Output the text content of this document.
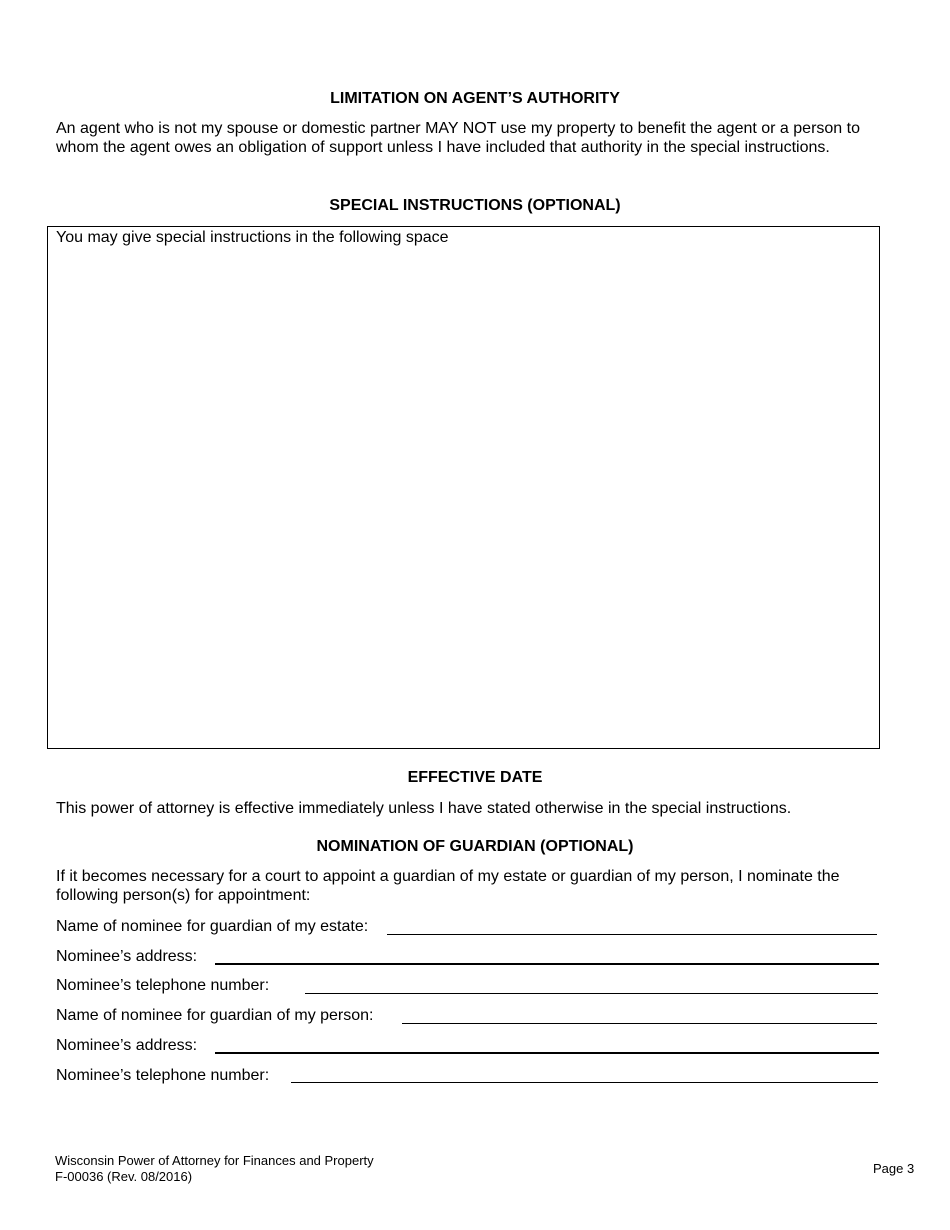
LIMITATION ON AGENT’S AUTHORITY
An agent who is not my spouse or domestic partner MAY NOT use my property to benefit the agent or a person to whom the agent owes an obligation of support unless I have included that authority in the special instructions.
SPECIAL INSTRUCTIONS (OPTIONAL)
You may give special instructions in the following space
EFFECTIVE DATE
This power of attorney is effective immediately unless I have stated otherwise in the special instructions.
NOMINATION OF GUARDIAN (OPTIONAL)
If it becomes necessary for a court to appoint a guardian of my estate or guardian of my person, I nominate the following person(s) for appointment:
Name of nominee for guardian of my estate:
Nominee’s address:
Nominee’s telephone number:
Name of nominee for guardian of my person:
Nominee’s address:
Nominee’s telephone number:
Wisconsin Power of Attorney for Finances and Property
F-00036 (Rev. 08/2016)
Page 3
